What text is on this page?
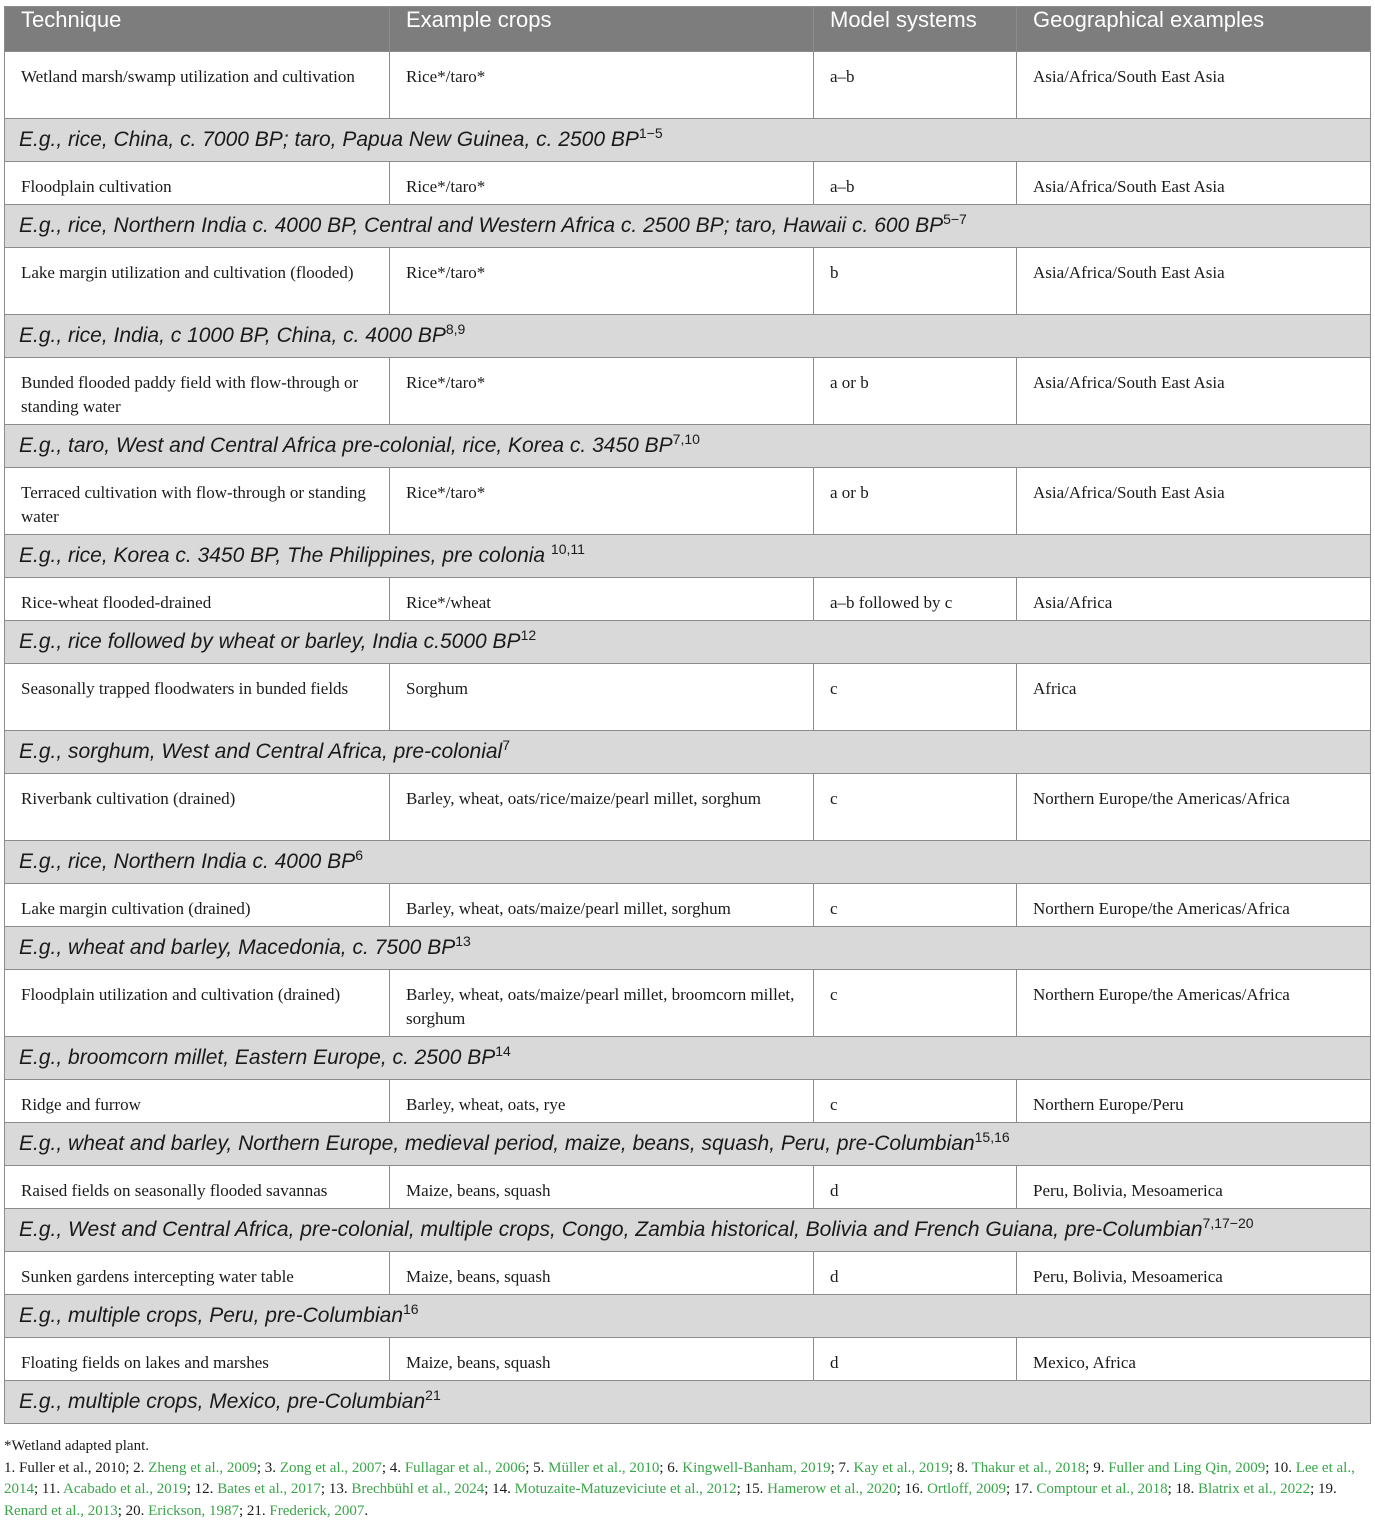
Technique	Example crops	Model systems	Geographical examples
Wetland marsh/swamp utilization and cultivation	Rice*/taro*	a–b	Asia/Africa/South East Asia
E.g., rice, China, c. 7000 BP; taro, Papua New Guinea, c. 2500 $BP^{1-5}$
Floodplain cultivation	Rice*/taro*	a–b	Asia/Africa/South East Asia
E.g., rice, Northern India c. 4000 BP, Central and Western Africa c. 2500 BP; taro, Hawaii c. 600 $BP^{5-7}$
Lake margin utilization and cultivation (flooded)	Rice*/taro*	b	Asia/Africa/South East Asia
E.g., rice, India, c 1000 BP, China, c. 4000 BP$^{8,9}$
Bunded flooded paddy field with flow-through or standing water	Rice*/taro*	a or b	Asia/Africa/South East Asia
E.g., taro, West and Central Africa pre-colonial, rice, Korea c. 3450 BP$^{7,10}$
Terraced cultivation with flow-through or standing water	Rice*/taro*	a or b	Asia/Africa/South East Asia
E.g., rice, Korea c. 3450 BP, The Philippines, pre colonia $^{10,11}$
Rice-wheat flooded-drained	Rice*/wheat	a–b followed by c	Asia/Africa
E.g., rice followed by wheat or barley, India c.5000 BP$^{12}$
Seasonally trapped floodwaters in bunded fields	Sorghum	c	Africa
E.g., sorghum, West and Central Africa, pre-colonial$^7$
Riverbank cultivation (drained)	Barley, wheat, oats/rice/maize/pearl millet, sorghum	c	Northern Europe/the Americas/Africa
E.g., rice, Northern India c. 4000 $BP^6$
Lake margin cultivation (drained)	Barley, wheat, oats/maize/pearl millet, sorghum	c	Northern Europe/the Americas/Africa
E.g., wheat and barley, Macedonia, c. 7500 BP$^{13}$
Floodplain utilization and cultivation (drained)	Barley, wheat, oats/maize/pearl millet, broomcorn millet, sorghum	c	Northern Europe/the Americas/Africa
E.g., broomcorn millet, Eastern Europe, c. 2500 BP$^{14}$
Ridge and furrow	Barley, wheat, oats, rye	c	Northern Europe/Peru
E.g., wheat and barley, Northern Europe, medieval period, maize, beans, squash, Peru, pre-Columbian$^{15,16}$
Raised fields on seasonally flooded savannas	Maize, beans, squash	d	Peru, Bolivia, Mesoamerica
E.g., West and Central Africa, pre-colonial, multiple crops, Congo, Zambia historical, Bolivia and French Guiana, pre-Columbian$^{7,17-20}$
Sunken gardens intercepting water table	Maize, beans, squash	d	Peru, Bolivia, Mesoamerica
E.g., multiple crops, Peru, pre-Columbian$^{16}$
Floating fields on lakes and marshes	Maize, beans, squash	d	Mexico, Africa
E.g., multiple crops, Mexico, pre-Columbian$^{21}$

*Wetland adapted plant.

1. Fuller et al., 2010; 2. Zheng et al., 2009; 3. Zong et al., 2007; 4. Fullagar et al., 2006; 5. Müller et al., 2010; 6. Kingwell-Banham, 2019; 7. Kay et al., 2019; 8. Thakur et al., 2018; 9. Fuller and Ling Qin, 2009; 10. Lee et al., 2014; 11. Acabado et al., 2019; 12. Bates et al., 2017; 13. Brechbühl et al., 2024; 14. Motuzaite-Matuzeviciute et al., 2012; 15. Hamerow et al., 2020; 16. Ortloff, 2009; 17. Comptour et al., 2018; 18. Blatrix et al., 2022; 19. Renard et al., 2013; 20. Erickson, 1987; 21. Frederick, 2007.
